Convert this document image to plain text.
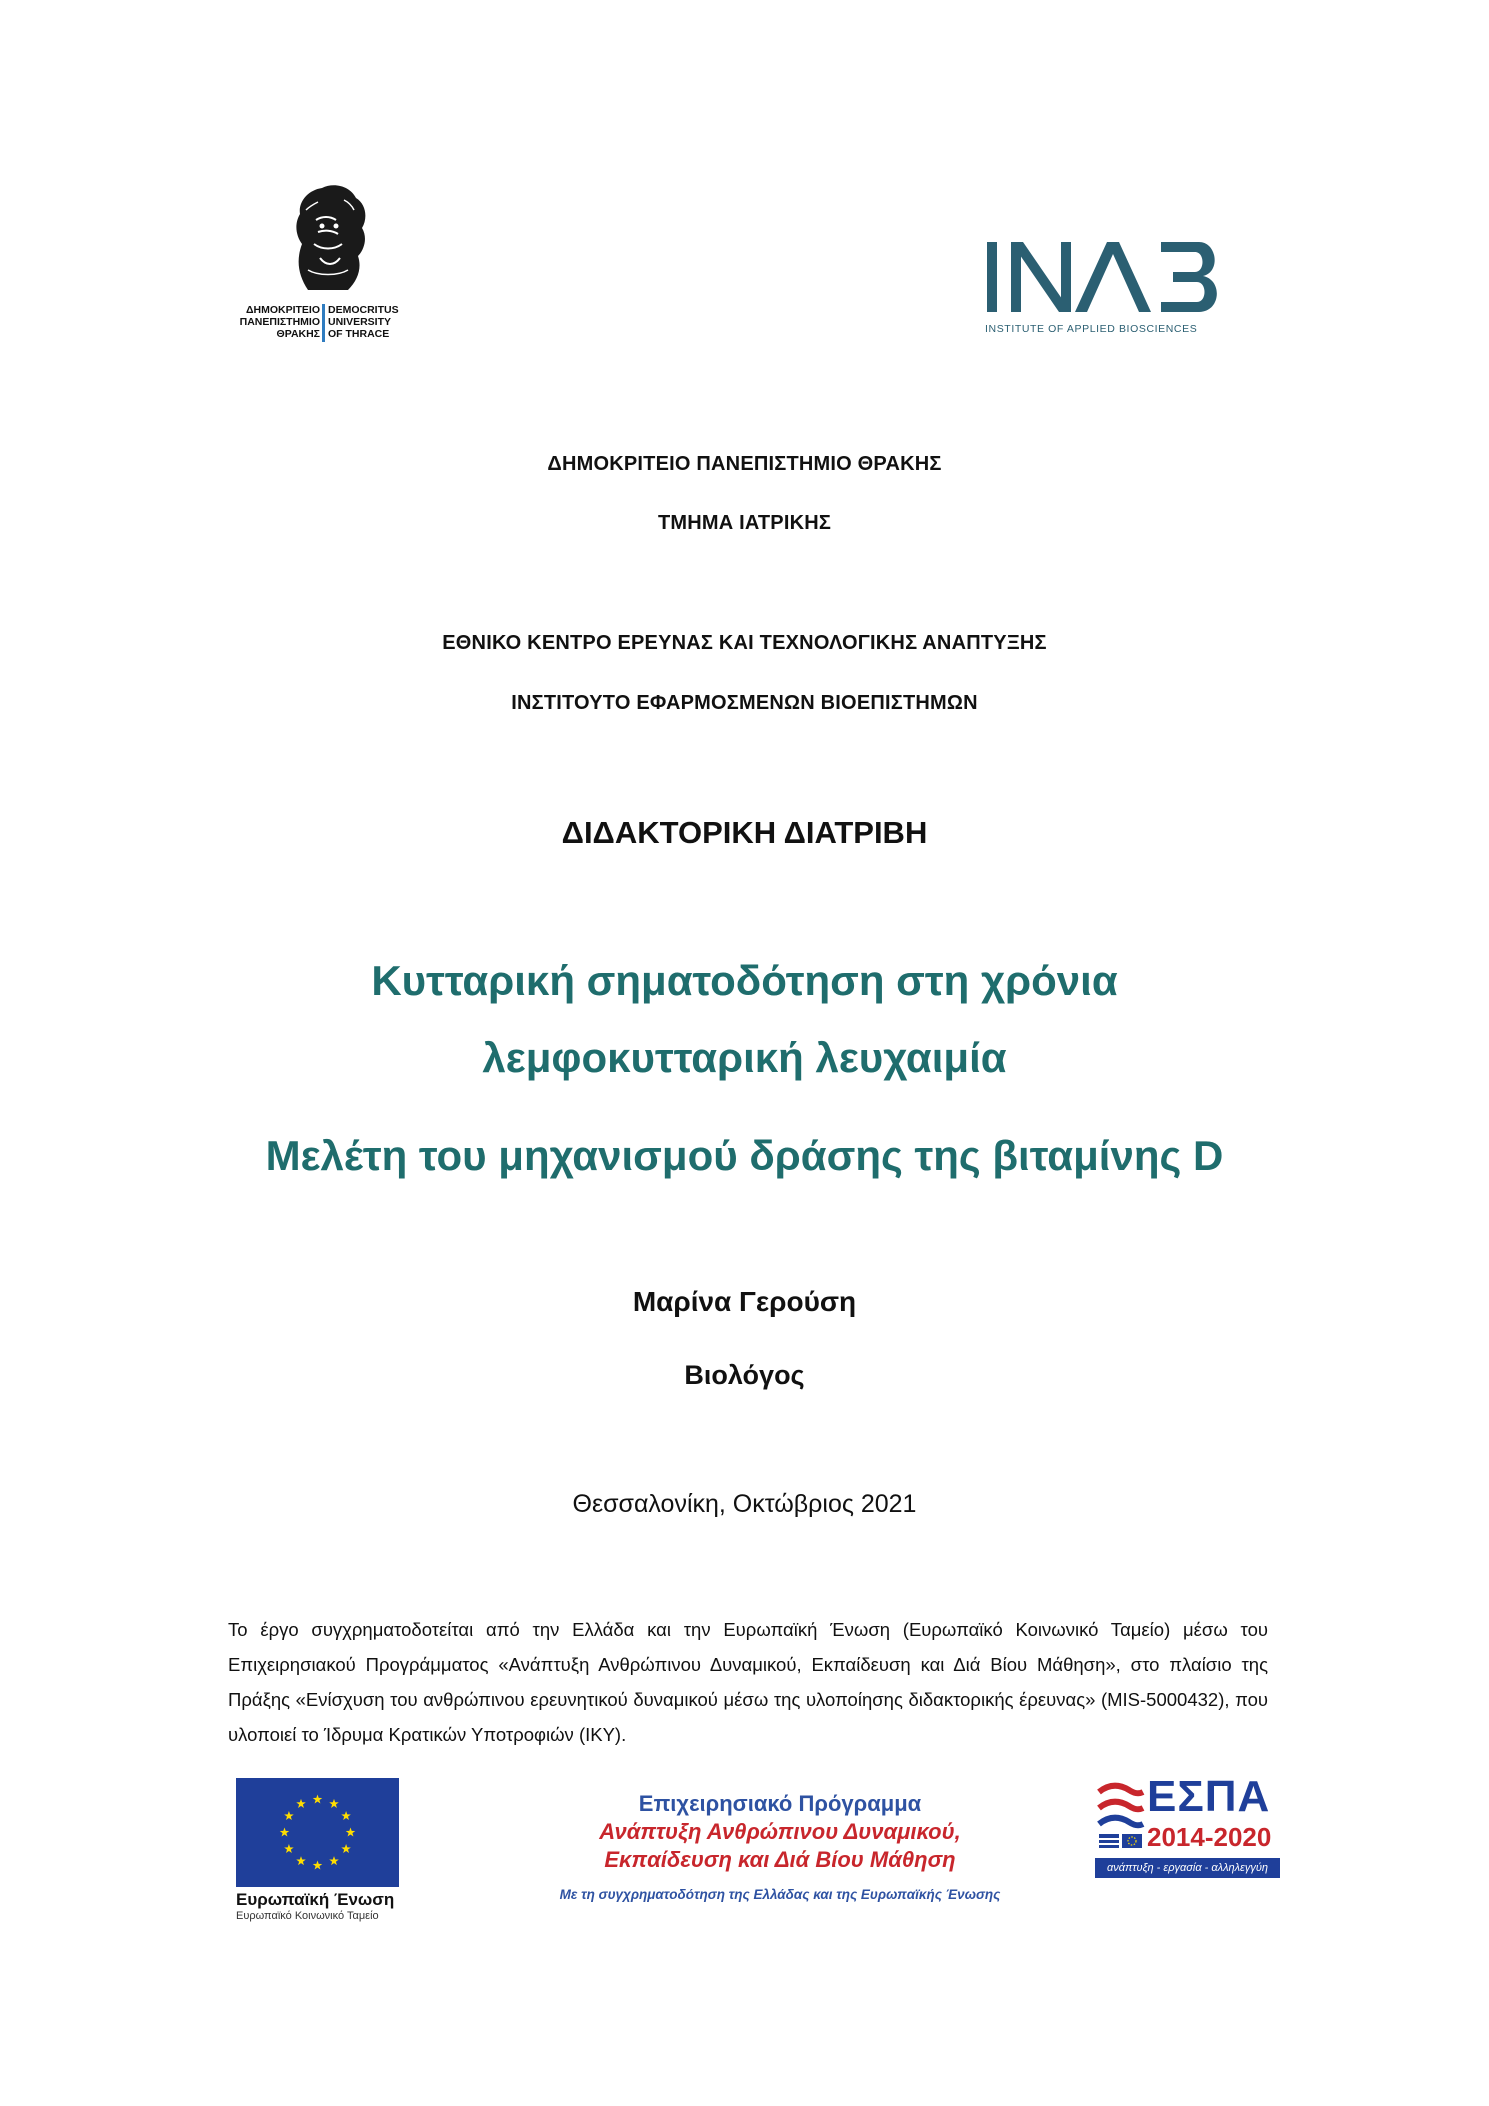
ΔΗΜΟΚΡΙΤΕΙΟ
ΠΑΝΕΠΙΣΤΗΜΙΟ
ΘΡΑΚΗΣ
DEMOCRITUS
UNIVERSITY
OF THRACE	INSTITUTE OF APPLIED BIOSCIENCES
ΔΗΜΟΚΡΙΤΕΙΟ ΠΑΝΕΠΙΣΤΗΜΙΟ ΘΡΑΚΗΣ
ΤΜΗΜΑ ΙΑΤΡΙΚΗΣ
ΕΘΝΙΚΟ ΚΕΝΤΡΟ ΕΡΕΥΝΑΣ ΚΑΙ ΤΕΧΝΟΛΟΓΙΚΗΣ ΑΝΑΠΤΥΞΗΣ
ΙΝΣΤΙΤΟΥΤΟ ΕΦΑΡΜΟΣΜΕΝΩΝ ΒΙΟΕΠΙΣΤΗΜΩΝ
ΔΙΔΑΚΤΟΡΙΚΗ ΔΙΑΤΡΙΒΗ
Κυτταρική σηματοδότηση στη χρόνια
λεμφοκυτταρική λευχαιμία
Μελέτη του μηχανισμού δράσης της βιταμίνης D
Μαρίνα Γερούση
Βιολόγος
Θεσσαλονίκη, Οκτώβριος 2021
Το έργο συγχρηματοδοτείται από την Ελλάδα και την Ευρωπαϊκή Ένωση (Ευρωπαϊκό Κοινωνικό Ταμείο) μέσω του Επιχειρησιακού Προγράμματος «Ανάπτυξη Ανθρώπινου Δυναμικού, Εκπαίδευση και Διά Βίου Μάθηση», στο πλαίσιο της Πράξης «Ενίσχυση του ανθρώπινου ερευνητικού δυναμικού μέσω της υλοποίησης διδακτορικής έρευνας» (MIS-5000432), που υλοποιεί το Ίδρυμα Κρατικών Υποτροφιών (ΙΚΥ).
Ευρωπαϊκή Ένωση
Ευρωπαϊκό Κοινωνικό Ταμείο
Επιχειρησιακό Πρόγραμμα
Ανάπτυξη Ανθρώπινου Δυναμικού,
Εκπαίδευση και Διά Βίου Μάθηση
Με τη συγχρηματοδότηση της Ελλάδας και της Ευρωπαϊκής Ένωσης
ΕΣΠΑ
2014-2020
ανάπτυξη - εργασία - αλληλεγγύη
